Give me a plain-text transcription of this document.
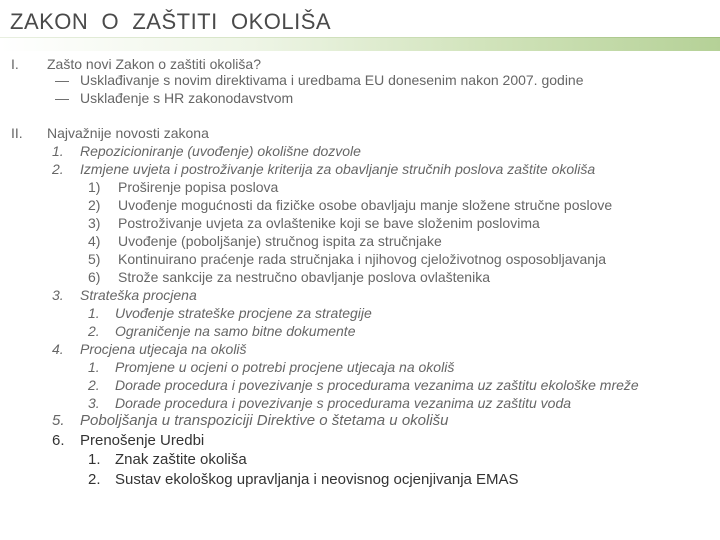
ZAKON  O  ZAŠTITI  OKOLIŠA
I. Zašto novi Zakon o zaštiti okoliša?
— Usklađivanje s novim direktivama i uredbama EU donesenim nakon 2007. godine
— Usklađenje s HR zakonodavstvom
II. Najvažnije novosti zakona
1. Repozicioniranje (uvođenje) okolišne dozvole
2. Izmjene uvjeta i postroživanje kriterija za obavljanje stručnih poslova zaštite okoliša
1) Proširenje popisa poslova
2) Uvođenje mogućnosti da fizičke osobe obavljaju manje složene stručne poslove
3) Postroživanje uvjeta za ovlaštenike koji se bave složenim poslovima
4) Uvođenje (poboljšanje) stručnog ispita za stručnjake
5) Kontinuirano praćenje rada stručnjaka i njihovog cjeloživotnog osposobljavanja
6) Strože sankcije za nestručno obavljanje poslova ovlaštenika
3. Strateška procjena
1. Uvođenje strateške procjene za strategije
2. Ograničenje na samo bitne dokumente
4. Procjena utjecaja na okoliš
1. Promjene u ocjeni o potrebi procjene utjecaja na okoliš
2. Dorade procedura i povezivanje s procedurama vezanima uz zaštitu ekološke mreže
3. Dorade procedura i povezivanje s procedurama vezanima uz zaštitu voda
5. Poboljšanja u transpoziciji Direktive o štetama u okolišu
6. Prenošenje Uredbi
1. Znak zaštite okoliša
2. Sustav ekološkog upravljanja i neovisnog ocjenjivanja EMAS
